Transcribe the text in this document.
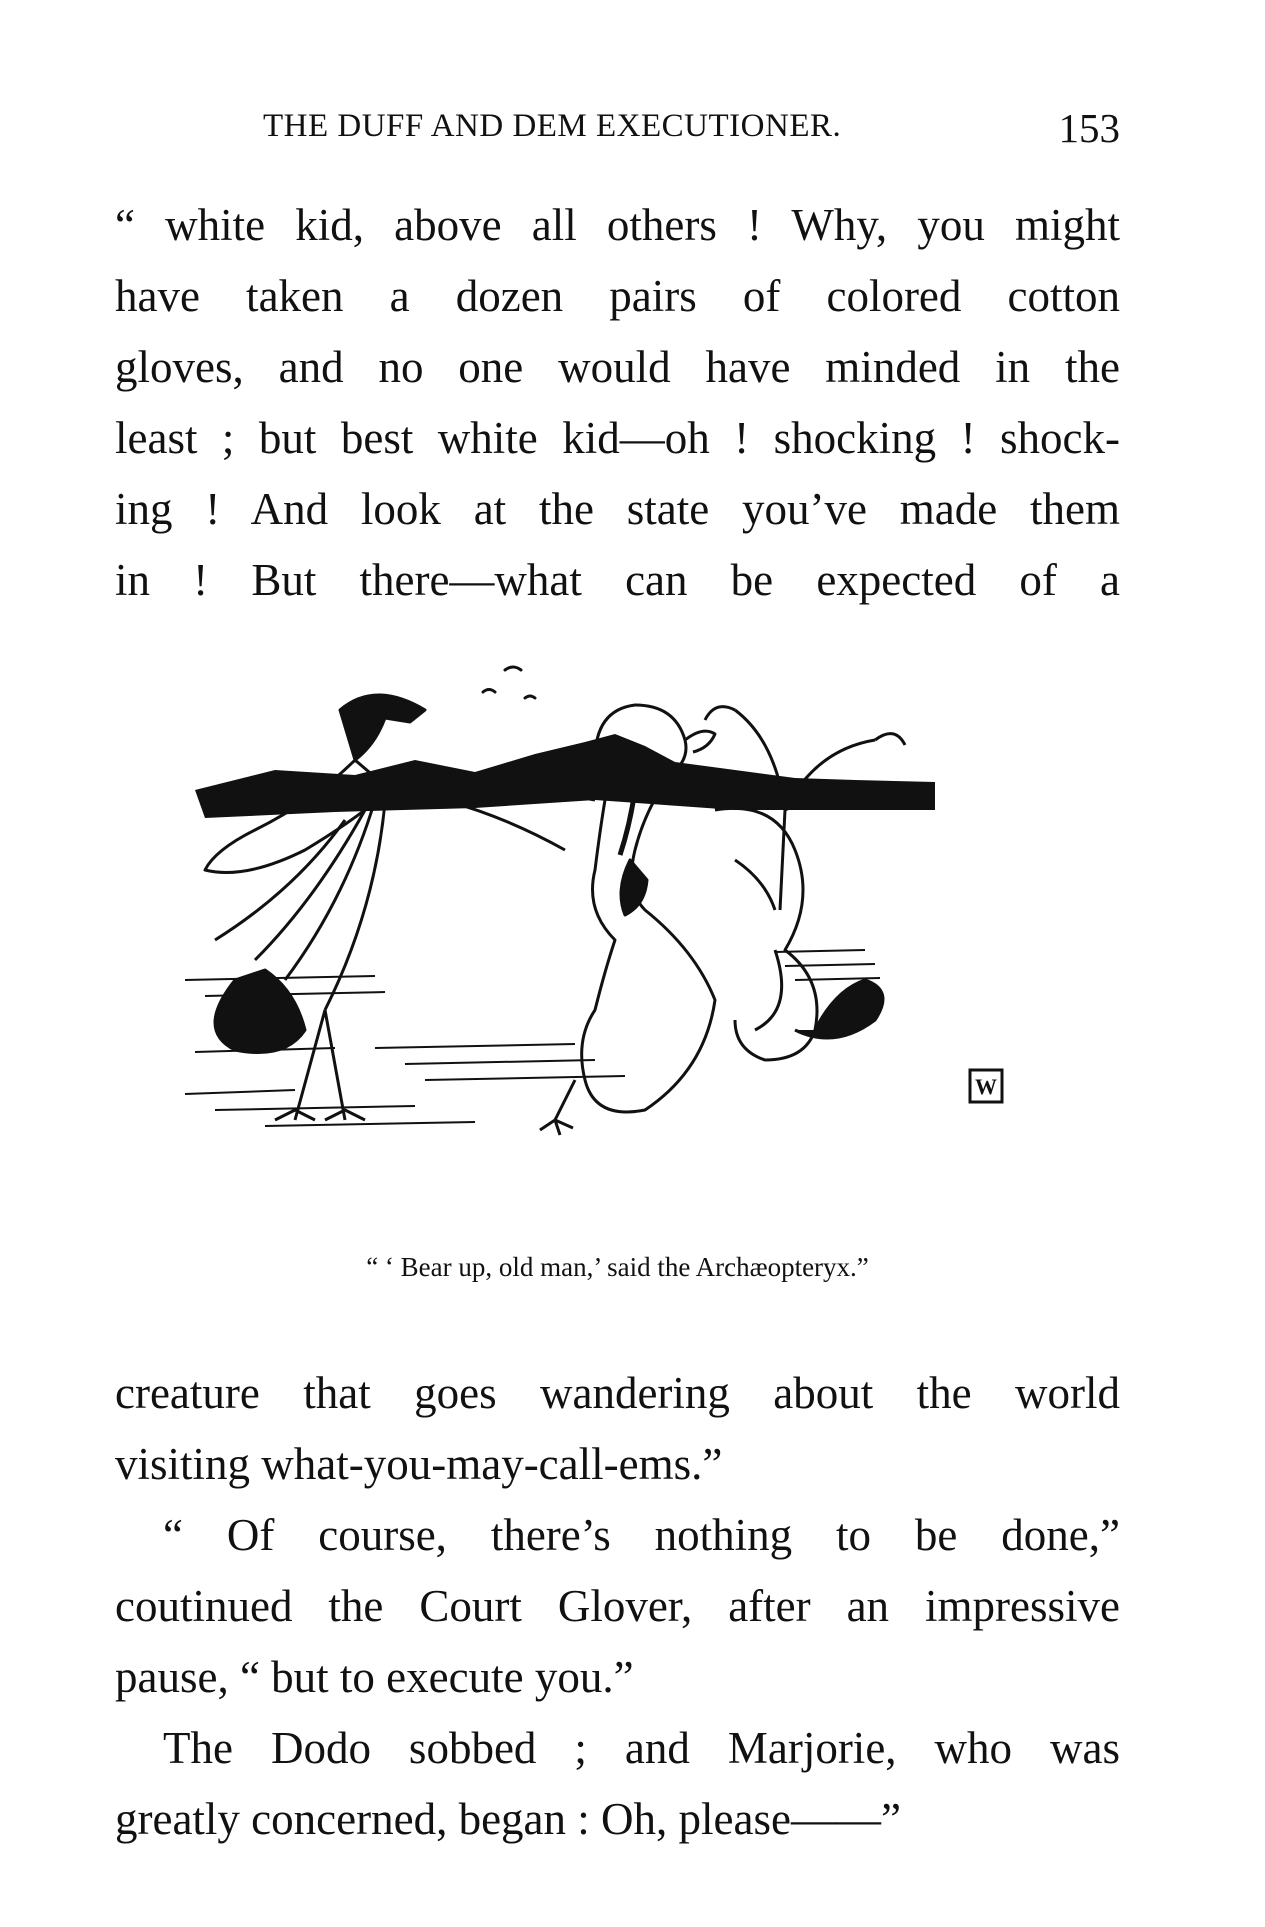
THE DUFF AND DEM EXECUTIONER.	153
“ white kid, above all others ! Why, you might
have taken a dozen pairs of colored cotton
gloves, and no one would have minded in the
least ; but best white kid—oh ! shocking ! shock-
ing ! And look at the state you’ve made them
in ! But there—what can be expected of a
W
“ ‘ Bear up, old man,’ said the Archæopteryx.”
creature that goes wandering about the world
visiting what-you-may-call-ems.”
“ Of course, there’s nothing to be done,”
coutinued the Court Glover, after an impressive
pause, “ but to execute you.”
The Dodo sobbed ; and Marjorie, who was
greatly concerned, began : Oh, please——”
